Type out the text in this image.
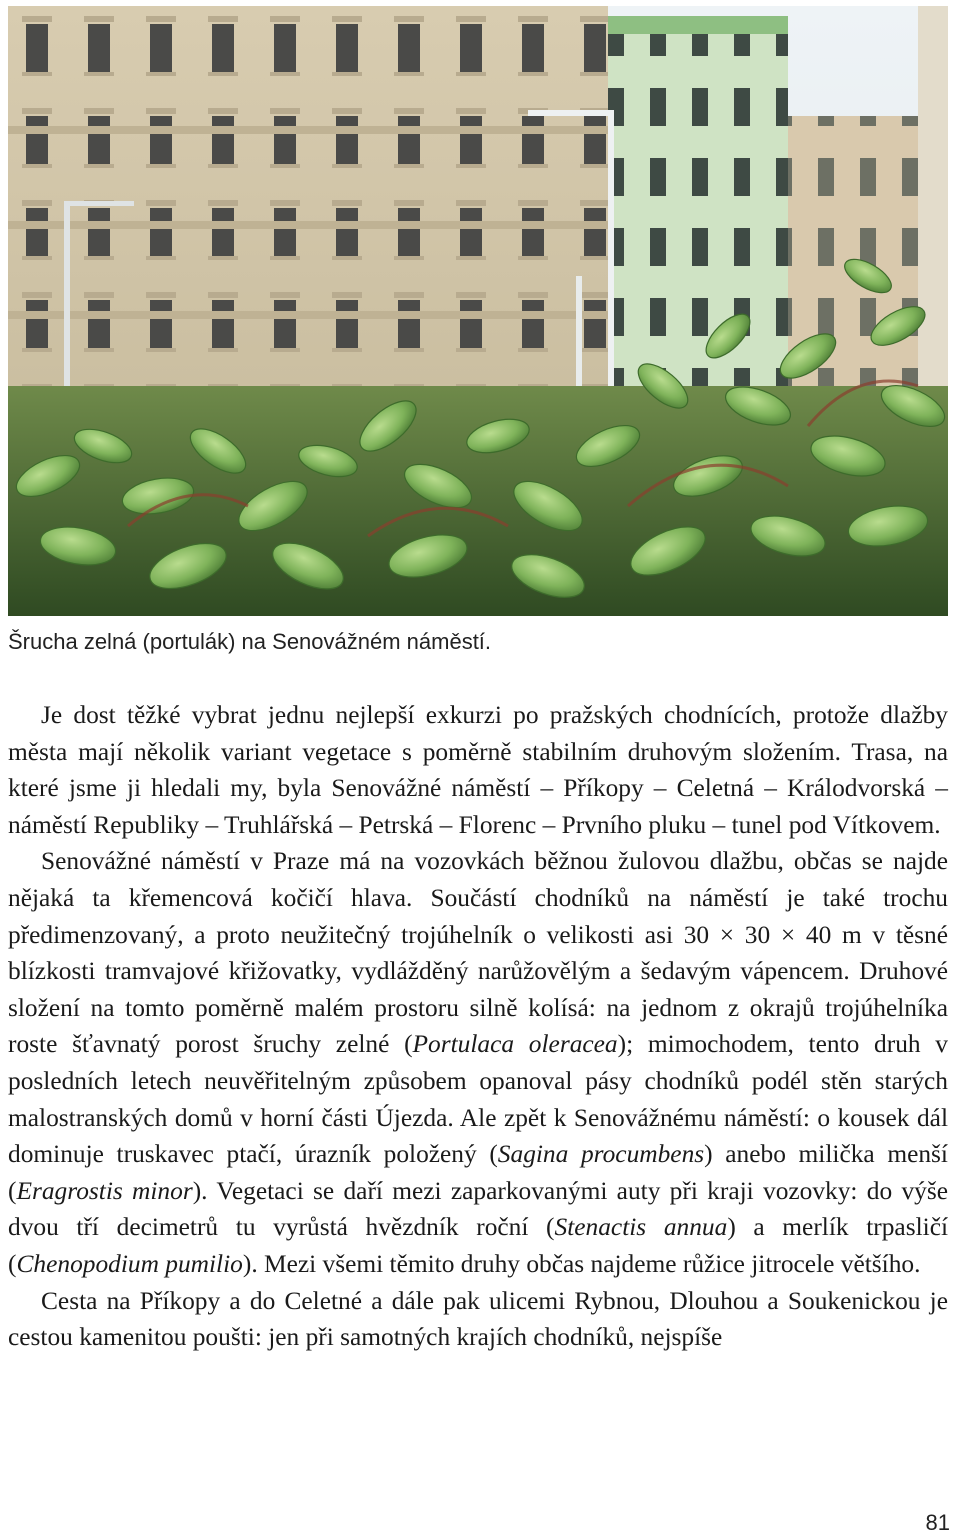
Šrucha zelná (portulák) na Senovážném náměstí.

Je dost těžké vybrat jednu nejlepší exkurzi po pražských chodnících, protože dlažby města mají několik variant vegetace s poměrně stabilním druhovým složením. Trasa, na které jsme ji hledali my, byla Senovážné náměstí – Příkopy – Celetná – Králodvorská – náměstí Republiky – Truhlářská – Petrská – Florenc – Prvního pluku – tunel pod Vítkovem.

Senovážné náměstí v Praze má na vozovkách běžnou žulovou dlažbu, občas se najde nějaká ta křemencová kočičí hlava. Součástí chodníků na náměstí je také trochu předimenzovaný, a proto neužitečný trojúhelník o velikosti asi 30 × 30 × 40 m v těsné blízkosti tramvajové křižovatky, vydlážděný narůžovělým a šedavým vápencem. Druhové složení na tomto poměrně malém prostoru silně kolísá: na jednom z okrajů trojúhelníka roste šťavnatý porost šruchy zelné (Portulaca oleracea); mimochodem, tento druh v posledních letech neuvěřitelným způsobem opanoval pásy chodníků podél stěn starých malostranských domů v horní části Újezda. Ale zpět k Senovážnému náměstí: o kousek dál dominuje truskavec ptačí, úrazník položený (Sagina procumbens) anebo milička menší (Eragrostis minor). Vegetaci se daří mezi zaparkovanými auty při kraji vozovky: do výše dvou tří decimetrů tu vyrůstá hvězdník roční (Stenactis annua) a merlík trpasličí (Chenopodium pumilio). Mezi všemi těmito druhy občas najdeme růžice jitrocele většího.

Cesta na Příkopy a do Celetné a dále pak ulicemi Rybnou, Dlouhou a Soukenickou je cestou kamenitou poušti: jen při samotných krajích chodníků, nejspíše

81
